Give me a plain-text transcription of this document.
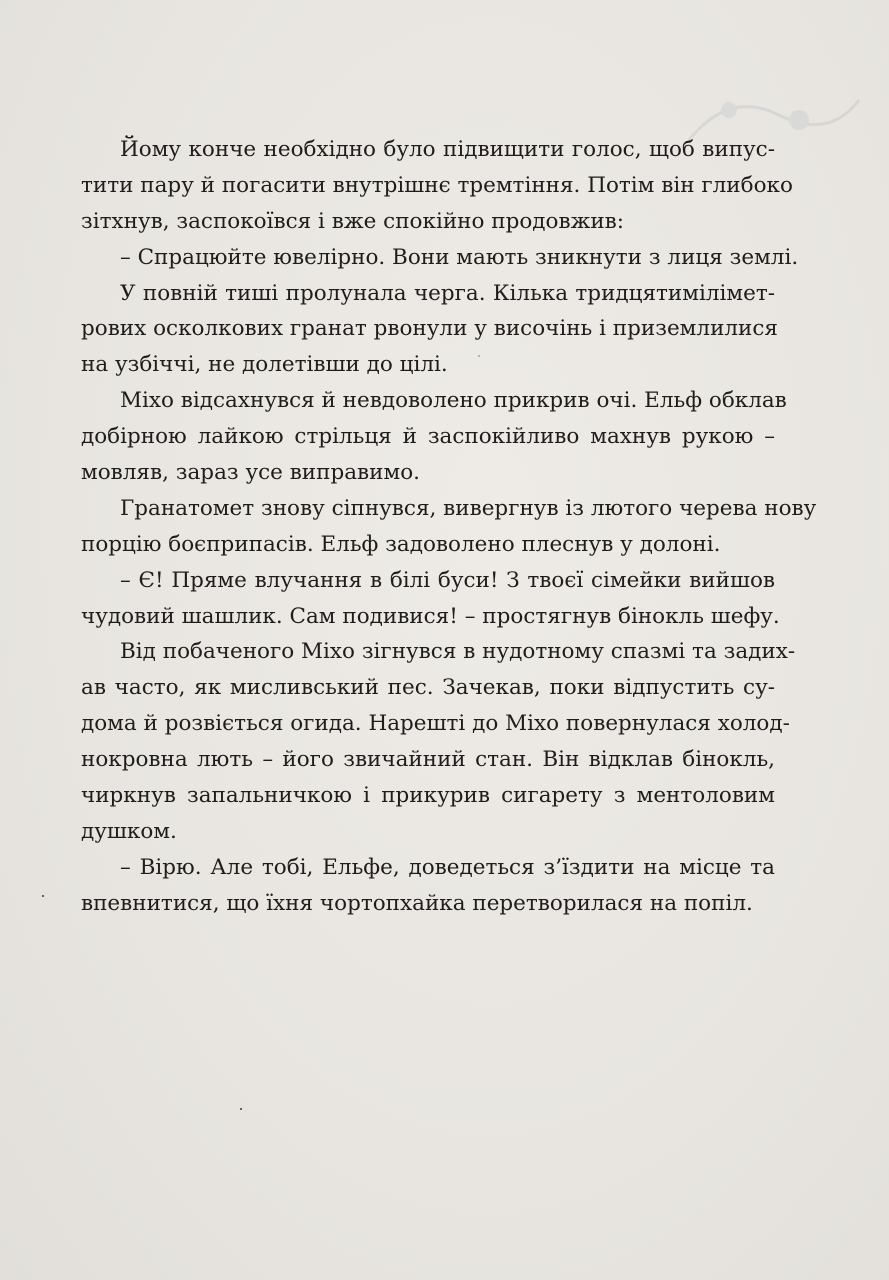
Йому конче необхідно було підвищити голос, щоб випус-
тити пару й погасити внутрішнє тремтіння. Потім він глибоко
зітхнув, заспокоївся і вже спокійно продовжив:
– Спрацюйте ювелірно. Вони мають зникнути з лиця землі.
У повній тиші пролунала черга. Кілька тридцятимілімет-
рових осколкових гранат рвонули у височінь і приземлилися
на узбіччі, не долетівши до цілі.
Міхо відсахнувся й невдоволено прикрив очі. Ельф обклав
добірною лайкою стрільця й заспокійливо махнув рукою –
мовляв, зараз усе виправимо.
Гранатомет знову сіпнувся, вивергнув із лютого черева нову
порцію боєприпасів. Ельф задоволено плеснув у долоні.
– Є! Пряме влучання в білі буси! З твоєї сімейки вийшов
чудовий шашлик. Сам подивися! – простягнув бінокль шефу.
Від побаченого Міхо зігнувся в нудотному спазмі та задих-
ав часто, як мисливський пес. Зачекав, поки відпустить су-
дома й розвіється огида. Нарешті до Міхо повернулася холод-
нокровна лють – його звичайний стан. Він відклав бінокль,
чиркнув запальничкою і прикурив сигарету з ментоловим
душком.
– Вірю. Але тобі, Ельфе, доведеться з’їздити на місце та
впевнитися, що їхня чортопхайка перетворилася на попіл.
